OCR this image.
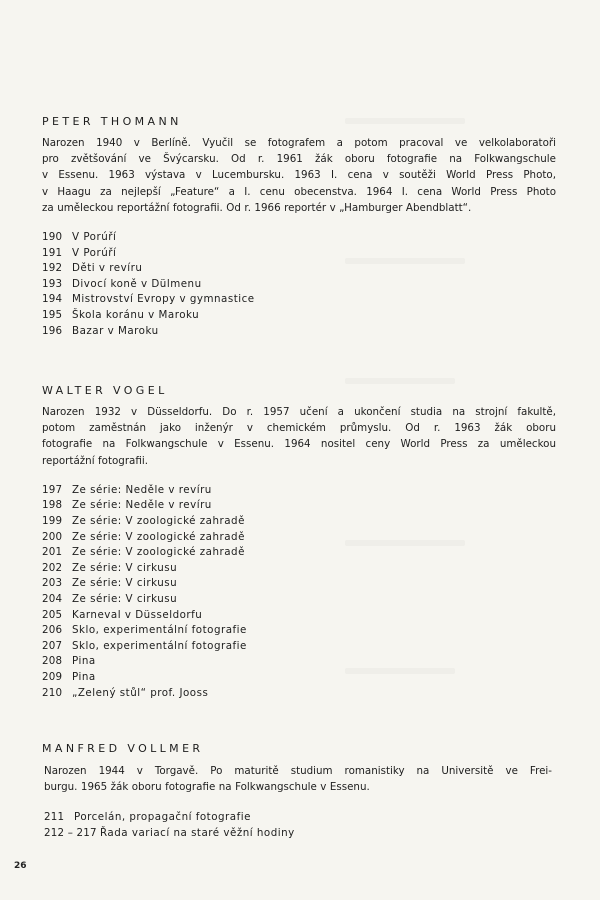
PETER THOMANN

Narozen 1940 v Berlíně. Vyučil se fotografem a potom pracoval ve velkolaboratoři
pro zvětšování ve Švýcarsku. Od r. 1961 žák oboru fotografie na Folkwangschule
v Essenu. 1963 výstava v Lucembursku. 1963 I. cena v soutěži World Press Photo,
v Haagu za nejlepší „Feature“ a I. cenu obecenstva. 1964 I. cena World Press Photo
za uměleckou reportážní fotografii. Od r. 1966 reportér v „Hamburger Abendblatt“.

190 V Porúří
191 V Porúří
192 Děti v revíru
193 Divocí koně v Dülmenu
194 Mistrovství Evropy v gymnastice
195 Škola koránu v Maroku
196 Bazar v Maroku
WALTER VOGEL

Narozen 1932 v Düsseldorfu. Do r. 1957 učení a ukončení studia na strojní fakultě,
potom zaměstnán jako inženýr v chemickém průmyslu. Od r. 1963 žák oboru
fotografie na Folkwangschule v Essenu. 1964 nositel ceny World Press za uměleckou
reportážní fotografii.

197 Ze série: Neděle v revíru
198 Ze série: Neděle v revíru
199 Ze série: V zoologické zahradě
200 Ze série: V zoologické zahradě
201 Ze série: V zoologické zahradě
202 Ze série: V cirkusu
203 Ze série: V cirkusu
204 Ze série: V cirkusu
205 Karneval v Düsseldorfu
206 Sklo, experimentální fotografie
207 Sklo, experimentální fotografie
208 Pina
209 Pina
210 „Zelený stůl“ prof. Jooss
MANFRED VOLLMER

Narozen 1944 v Torgavě. Po maturitě studium romanistiky na Universitě ve Frei-
burgu. 1965 žák oboru fotografie na Folkwangschule v Essenu.

211 Porcelán, propagační fotografie
212 – 217 Řada variací na staré věžní hodiny
26
